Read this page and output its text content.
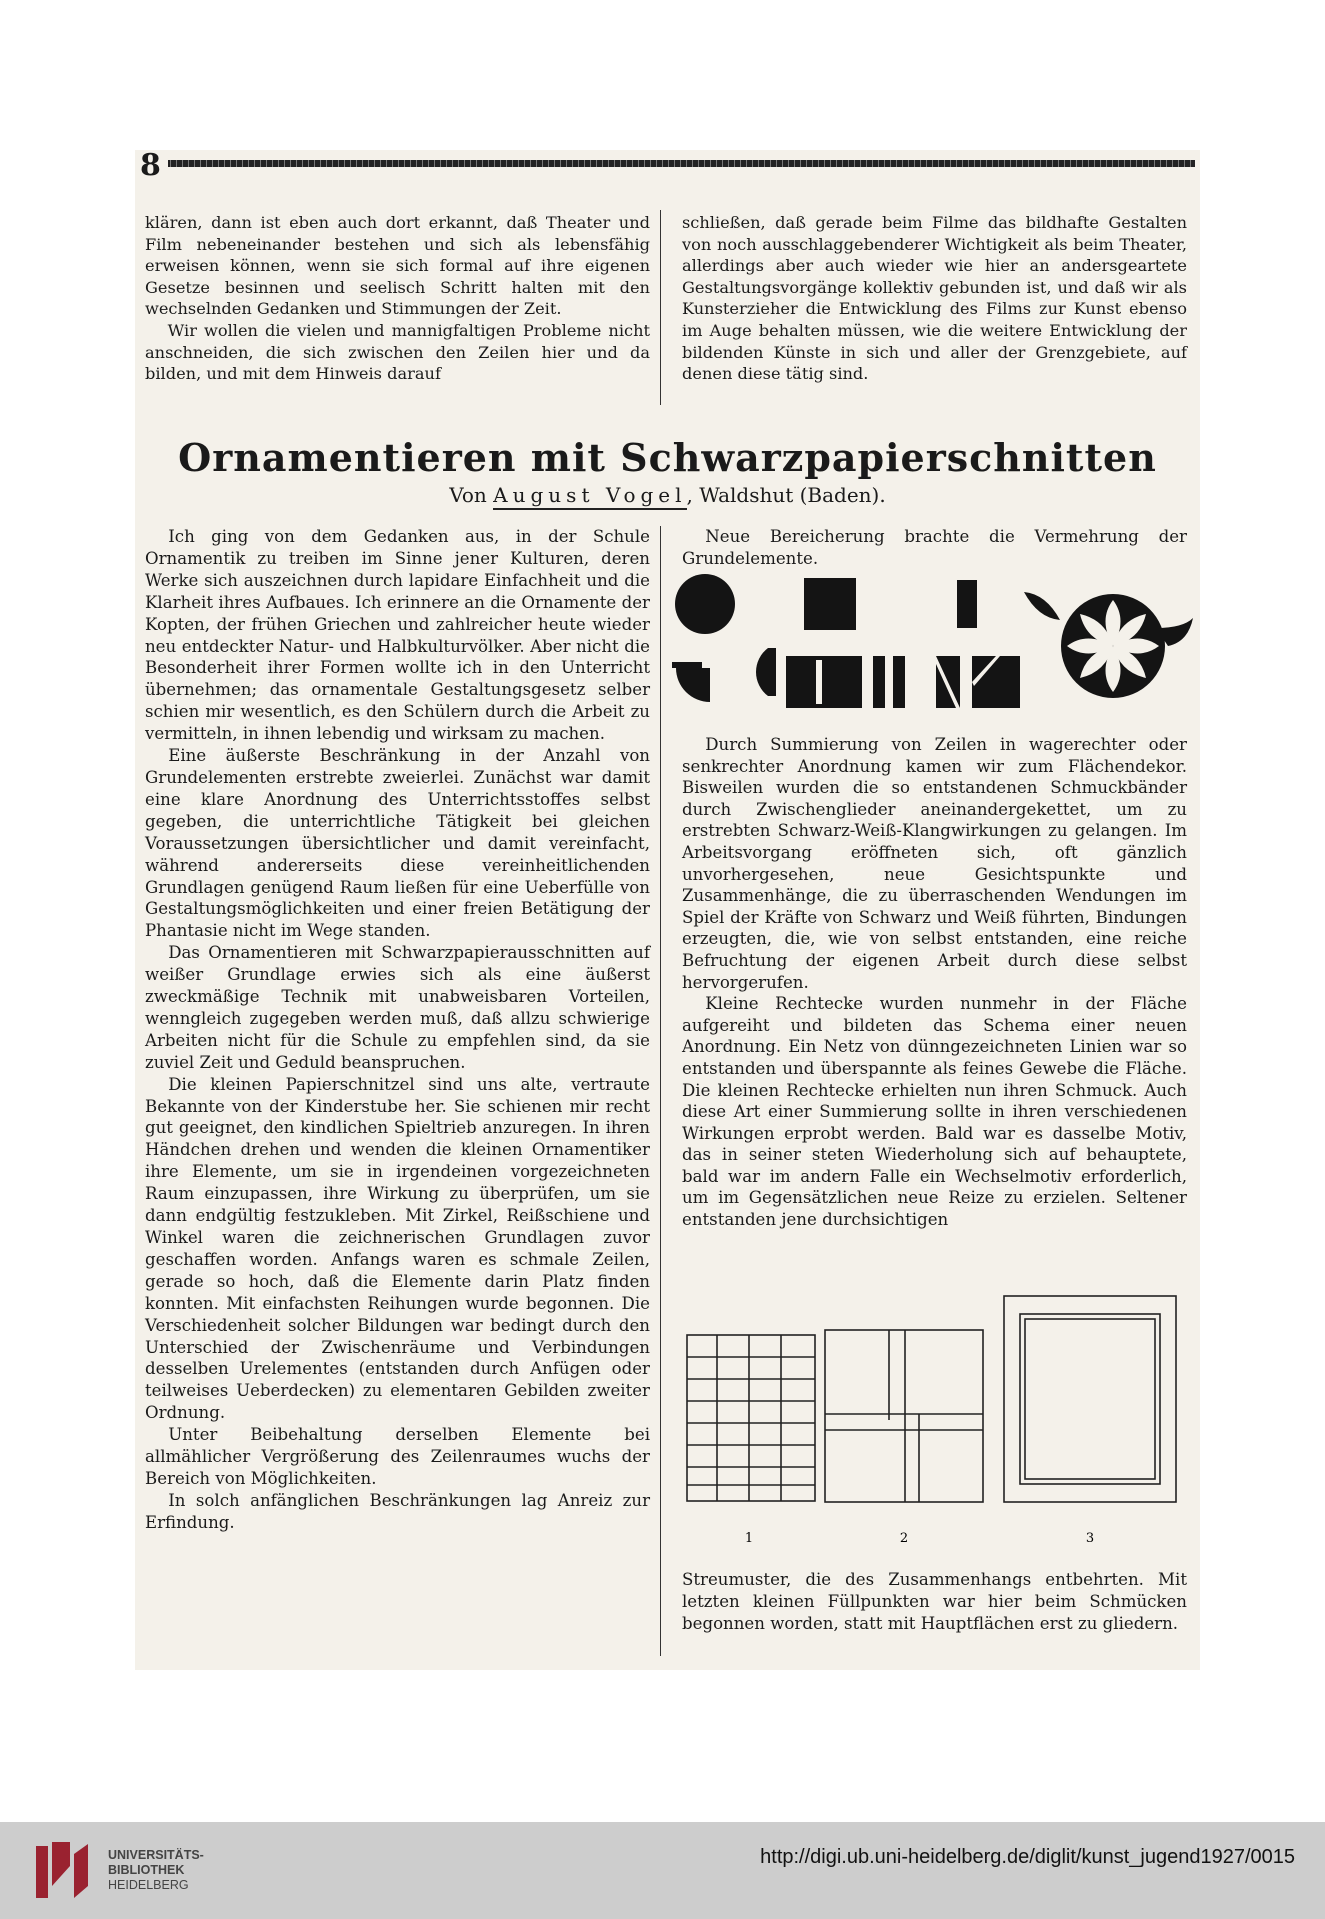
8

klären, dann ist eben auch dort erkannt, daß Theater und Film nebeneinander bestehen und sich als lebensfähig erweisen können, wenn sie sich formal auf ihre eigenen Gesetze besinnen und seelisch Schritt halten mit den wechselnden Gedanken und Stimmungen der Zeit.

Wir wollen die vielen und mannigfaltigen Probleme nicht anschneiden, die sich zwischen den Zeilen hier und da bilden, und mit dem Hinweis darauf

schließen, daß gerade beim Filme das bildhafte Gestalten von noch ausschlaggebenderer Wichtigkeit als beim Theater, allerdings aber auch wieder wie hier an andersgeartete Gestaltungsvorgänge kollektiv gebunden ist, und daß wir als Kunsterzieher die Entwicklung des Films zur Kunst ebenso im Auge behalten müssen, wie die weitere Entwicklung der bildenden Künste in sich und aller der Grenzgebiete, auf denen diese tätig sind.

Ornamentieren mit Schwarzpapierschnitten
Von August Vogel, Waldshut (Baden).

Ich ging von dem Gedanken aus, in der Schule Ornamentik zu treiben im Sinne jener Kulturen, deren Werke sich auszeichnen durch lapidare Einfachheit und die Klarheit ihres Aufbaues. Ich erinnere an die Ornamente der Kopten, der frühen Griechen und zahlreicher heute wieder neu entdeckter Natur- und Halbkulturvölker. Aber nicht die Besonderheit ihrer Formen wollte ich in den Unterricht übernehmen; das ornamentale Gestaltungsgesetz selber schien mir wesentlich, es den Schülern durch die Arbeit zu vermitteln, in ihnen lebendig und wirksam zu machen.

Eine äußerste Beschränkung in der Anzahl von Grundelementen erstrebte zweierlei. Zunächst war damit eine klare Anordnung des Unterrichtsstoffes selbst gegeben, die unterrichtliche Tätigkeit bei gleichen Voraussetzungen übersichtlicher und damit vereinfacht, während andererseits diese vereinheitlichenden Grundlagen genügend Raum ließen für eine Ueberfülle von Gestaltungsmöglichkeiten und einer freien Betätigung der Phantasie nicht im Wege standen.

Das Ornamentieren mit Schwarzpapierausschnitten auf weißer Grundlage erwies sich als eine äußerst zweckmäßige Technik mit unabweisbaren Vorteilen, wenngleich zugegeben werden muß, daß allzu schwierige Arbeiten nicht für die Schule zu empfehlen sind, da sie zuviel Zeit und Geduld beanspruchen.

Die kleinen Papierschnitzel sind uns alte, vertraute Bekannte von der Kinderstube her. Sie schienen mir recht gut geeignet, den kindlichen Spieltrieb anzuregen. In ihren Händchen drehen und wenden die kleinen Ornamentiker ihre Elemente, um sie in irgendeinen vorgezeichneten Raum einzupassen, ihre Wirkung zu überprüfen, um sie dann endgültig festzukleben. Mit Zirkel, Reißschiene und Winkel waren die zeichnerischen Grundlagen zuvor geschaffen worden. Anfangs waren es schmale Zeilen, gerade so hoch, daß die Elemente darin Platz finden konnten. Mit einfachsten Reihungen wurde begonnen. Die Verschiedenheit solcher Bildungen war bedingt durch den Unterschied der Zwischenräume und Verbindungen desselben Urelementes (entstanden durch Anfügen oder teilweises Ueberdecken) zu elementaren Gebilden zweiter Ordnung.

Unter Beibehaltung derselben Elemente bei allmählicher Vergrößerung des Zeilenraumes wuchs der Bereich von Möglichkeiten.

In solch anfänglichen Beschränkungen lag Anreiz zur Erfindung.

Neue Bereicherung brachte die Vermehrung der Grundelemente.

Durch Summierung von Zeilen in wagerechter oder senkrechter Anordnung kamen wir zum Flächendekor. Bisweilen wurden die so entstandenen Schmuckbänder durch Zwischenglieder aneinandergekettet, um zu erstrebten Schwarz-Weiß-Klangwirkungen zu gelangen. Im Arbeitsvorgang eröffneten sich, oft gänzlich unvorhergesehen, neue Gesichtspunkte und Zusammenhänge, die zu überraschenden Wendungen im Spiel der Kräfte von Schwarz und Weiß führten, Bindungen erzeugten, die, wie von selbst entstanden, eine reiche Befruchtung der eigenen Arbeit durch diese selbst hervorgerufen.

Kleine Rechtecke wurden nunmehr in der Fläche aufgereiht und bildeten das Schema einer neuen Anordnung. Ein Netz von dünngezeichneten Linien war so entstanden und überspannte als feines Gewebe die Fläche. Die kleinen Rechtecke erhielten nun ihren Schmuck. Auch diese Art einer Summierung sollte in ihren verschiedenen Wirkungen erprobt werden. Bald war es dasselbe Motiv, das in seiner steten Wiederholung sich auf behauptete, bald war im andern Falle ein Wechselmotiv erforderlich, um im Gegensätzlichen neue Reize zu erzielen. Seltener entstanden jene durchsichtigen

1	2	3

Streumuster, die des Zusammenhangs entbehrten. Mit letzten kleinen Füllpunkten war hier beim Schmücken begonnen worden, statt mit Hauptflächen erst zu gliedern.

UNIVERSITÄTS-
BIBLIOTHEK
HEIDELBERG
http://digi.ub.uni-heidelberg.de/diglit/kunst_jugend1927/0015
